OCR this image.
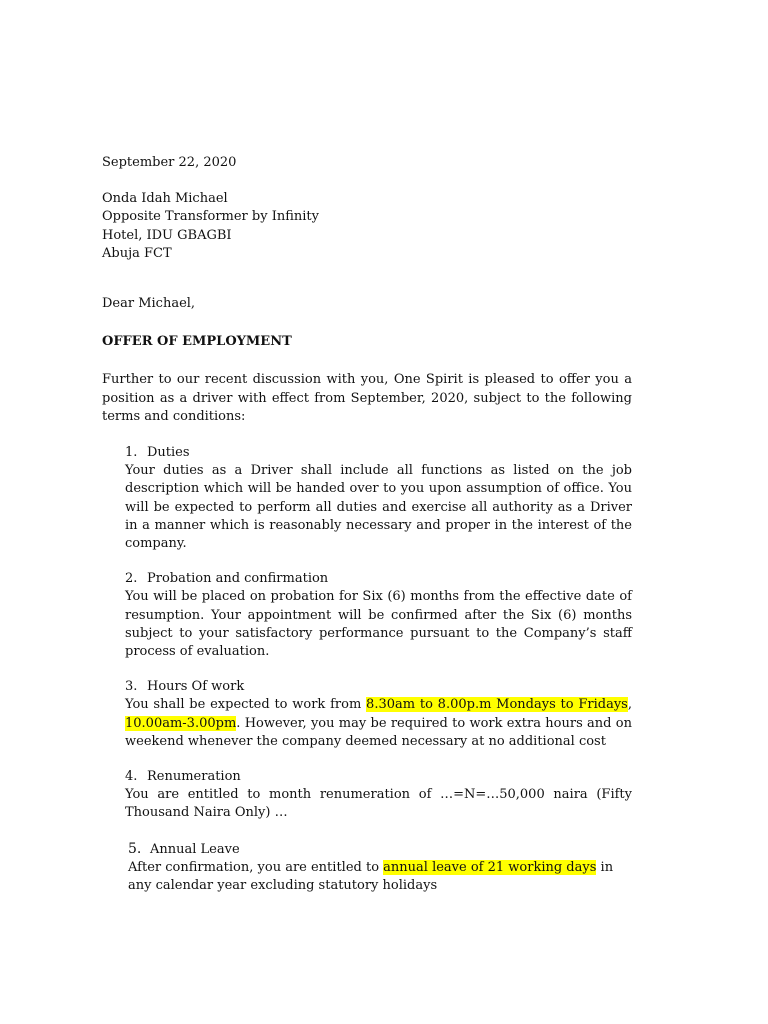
September 22, 2020
Onda Idah Michael
Opposite Transformer by Infinity
Hotel, IDU GBAGBI
Abuja FCT
Dear Michael,
OFFER OF EMPLOYMENT

Further to our recent discussion with you, One Spirit is pleased to offer you a position as a driver with effect from September, 2020, subject to the following terms and conditions:

1. Duties

Your duties as a Driver shall include all functions as listed on the job description which will be handed over to you upon assumption of office. You will be expected to perform all duties and exercise all authority as a Driver in a manner which is reasonably necessary and proper in the interest of the company.

2. Probation and confirmation

You will be placed on probation for Six (6) months from the effective date of resumption. Your appointment will be confirmed after the Six (6) months subject to your satisfactory performance pursuant to the Company’s staff process of evaluation.

3. Hours Of work

You shall be expected to work from 8.30am to 8.00p.m Mondays to Fridays, 10.00am-3.00pm. However, you may be required to work extra hours and on weekend whenever the company deemed necessary at no additional cost

4. Renumeration

You are entitled to month renumeration of …=N=…50,000 naira (Fifty Thousand Naira Only) …

5. Annual Leave

After confirmation, you are entitled to annual leave of 21 working days in any calendar year excluding statutory holidays
